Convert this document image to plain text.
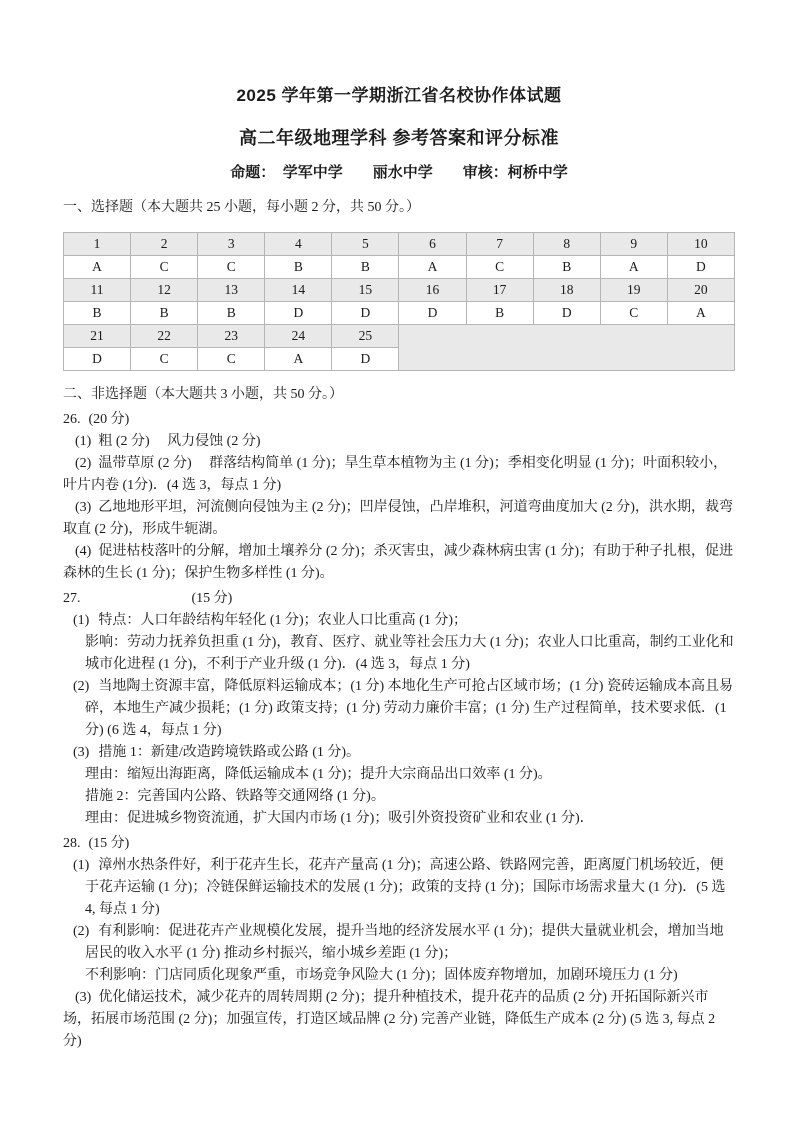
2025 学年第一学期浙江省名校协作体试题
高二年级地理学科 参考答案和评分标准
命题：　学军中学　　丽水中学　　审核：柯桥中学
一、选择题（本大题共 25 小题，每小题 2 分，共 50 分。）
1	2	3	4	5	6	7	8	9	10
A	C	C	B	B	A	C	B	A	D
11	12	13	14	15	16	17	18	19	20
B	B	B	D	D	D	B	D	C	A
21	22	23	24	25					
D	C	C	A	D					
二、非选择题（本大题共 3 小题，共 50 分。）
26. (20 分)
(1) 粗 (2 分)　 风力侵蚀 (2 分)
(2) 温带草原 (2 分)　 群落结构简单 (1 分)；旱生草本植物为主 (1 分)；季相变化明显 (1 分)；叶面积较小，叶片内卷 (1分)．(4 选 3，每点 1 分)
(3) 乙地地形平坦，河流侧向侵蚀为主 (2 分)；凹岸侵蚀，凸岸堆积，河道弯曲度加大 (2 分)，洪水期，裁弯取直 (2 分)，形成牛轭湖。
(4) 促进枯枝落叶的分解，增加土壤养分 (2 分)；杀灭害虫，减少森林病虫害 (1 分)；有助于种子扎根，促进森林的生长 (1 分)；保护生物多样性 (1 分)。
27.	(15 分)
(1) 特点：人口年龄结构年轻化 (1 分)；农业人口比重高 (1 分)；
影响：劳动力抚养负担重 (1 分)，教育、医疗、就业等社会压力大 (1 分)；农业人口比重高，制约工业化和城市化进程 (1 分)，不利于产业升级 (1 分)．(4 选 3，每点 1 分)
(2) 当地陶土资源丰富，降低原料运输成本；(1 分) 本地化生产可抢占区域市场；(1 分) 瓷砖运输成本高且易碎，本地生产减少损耗；(1 分) 政策支持；(1 分) 劳动力廉价丰富；(1 分) 生产过程简单，技术要求低．(1分) (6 选 4，每点 1 分)
(3) 措施 1：新建/改造跨境铁路或公路 (1 分)。
理由：缩短出海距离，降低运输成本 (1 分)；提升大宗商品出口效率 (1 分)。
措施 2：完善国内公路、铁路等交通网络 (1 分)。
理由：促进城乡物资流通，扩大国内市场 (1 分)；吸引外资投资矿业和农业 (1 分)．
28. (15 分)
(1) 漳州水热条件好，利于花卉生长，花卉产量高 (1 分)；高速公路、铁路网完善，距离厦门机场较近，便于花卉运输 (1 分)；冷链保鲜运输技术的发展 (1 分)；政策的支持 (1 分)；国际市场需求量大 (1 分)．(5 选 4, 每点 1 分)
(2) 有利影响：促进花卉产业规模化发展，提升当地的经济发展水平 (1 分)；提供大量就业机会，增加当地居民的收入水平 (1 分) 推动乡村振兴，缩小城乡差距 (1 分)；
不利影响：门店同质化现象严重，市场竞争风险大 (1 分)；固体废弃物增加，加剧环境压力 (1 分)
(3) 优化储运技术，减少花卉的周转周期 (2 分)；提升种植技术，提升花卉的品质 (2 分) 开拓国际新兴市场，拓展市场范围 (2 分)；加强宣传，打造区域品牌 (2 分) 完善产业链，降低生产成本 (2 分) (5 选 3, 每点 2 分)
